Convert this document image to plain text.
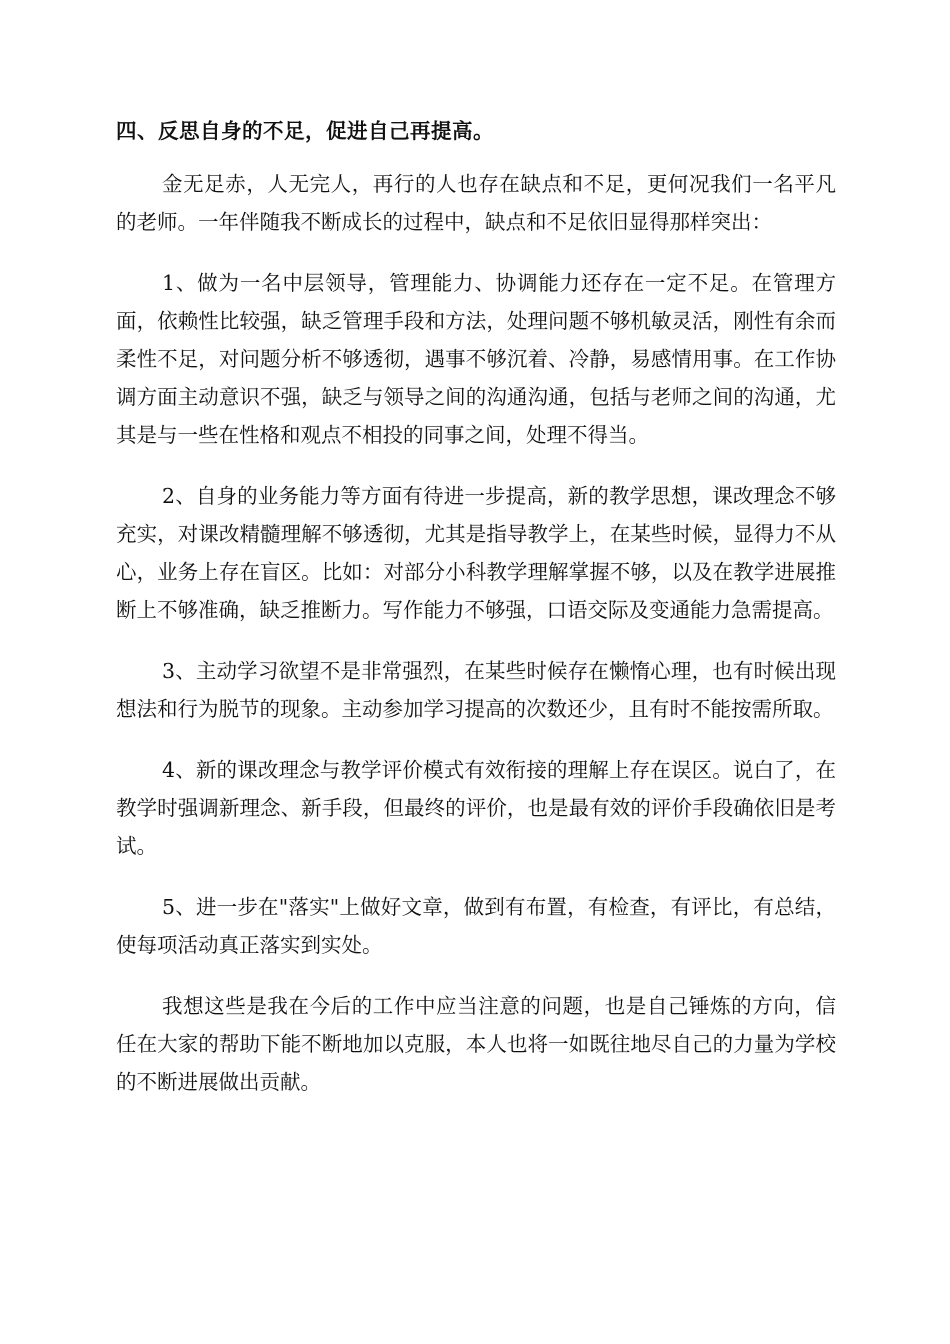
四、反思自身的不足，促进自己再提高。

金无足赤，人无完人，再行的人也存在缺点和不足，更何况我们一名平凡的老师。一年伴随我不断成长的过程中，缺点和不足依旧显得那样突出：

1、做为一名中层领导，管理能力、协调能力还存在一定不足。在管理方面，依赖性比较强，缺乏管理手段和方法，处理问题不够机敏灵活，刚性有余而柔性不足，对问题分析不够透彻，遇事不够沉着、冷静，易感情用事。在工作协调方面主动意识不强，缺乏与领导之间的沟通沟通，包括与老师之间的沟通，尤其是与一些在性格和观点不相投的同事之间，处理不得当。

2、自身的业务能力等方面有待进一步提高，新的教学思想，课改理念不够充实，对课改精髓理解不够透彻，尤其是指导教学上，在某些时候，显得力不从心，业务上存在盲区。比如：对部分小科教学理解掌握不够，以及在教学进展推断上不够准确，缺乏推断力。写作能力不够强，口语交际及变通能力急需提高。

3、主动学习欲望不是非常强烈，在某些时候存在懒惰心理，也有时候出现想法和行为脱节的现象。主动参加学习提高的次数还少，且有时不能按需所取。

4、新的课改理念与教学评价模式有效衔接的理解上存在误区。说白了，在教学时强调新理念、新手段，但最终的评价，也是最有效的评价手段确依旧是考试。

5、进一步在"落实"上做好文章，做到有布置，有检查，有评比，有总结，使每项活动真正落实到实处。

我想这些是我在今后的工作中应当注意的问题，也是自己锤炼的方向，信任在大家的帮助下能不断地加以克服，本人也将一如既往地尽自己的力量为学校的不断进展做出贡献。
